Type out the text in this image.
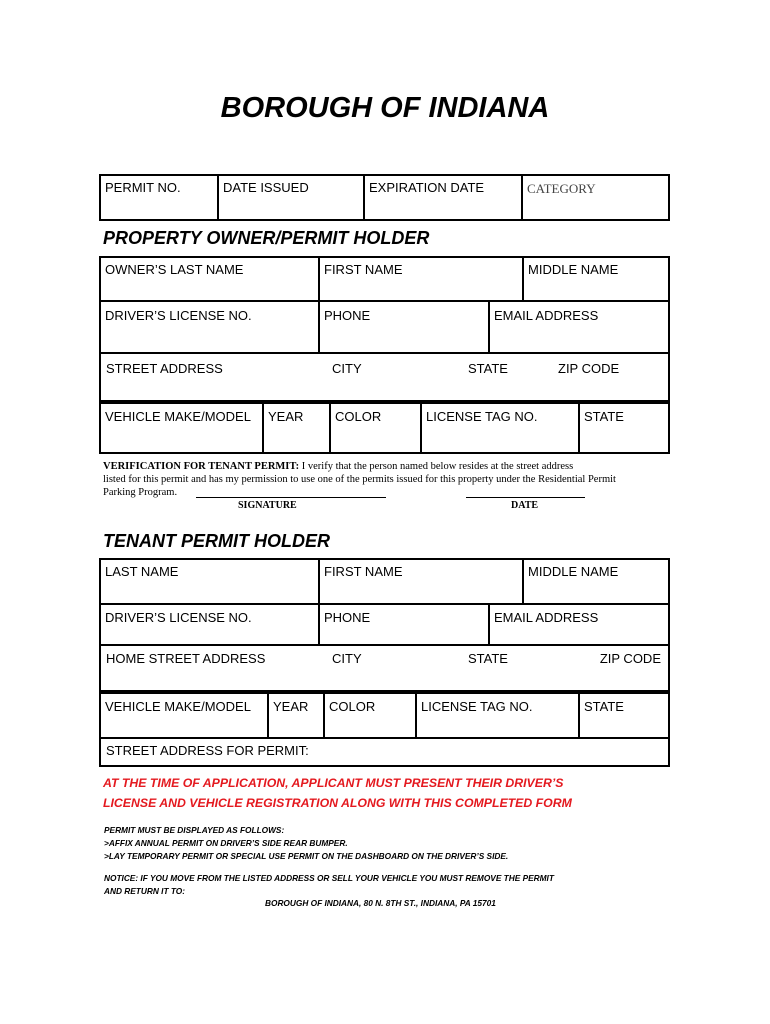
BOROUGH OF INDIANA
PERMIT NO.	DATE ISSUED	EXPIRATION DATE	CATEGORY
PROPERTY OWNER/PERMIT HOLDER
OWNER’S LAST NAME	FIRST NAME	MIDDLE NAME
DRIVER’S LICENSE NO.	PHONE	EMAIL ADDRESS
STREET ADDRESS	CITY	STATE	ZIP CODE
VEHICLE MAKE/MODEL	YEAR	COLOR	LICENSE TAG NO.	STATE
VERIFICATION FOR TENANT PERMIT: I verify that the person named below resides at the street address
listed for this permit and has my permission to use one of the permits issued for this property under the Residential Permit
Parking Program.
SIGNATURE	DATE
TENANT PERMIT HOLDER
LAST NAME	FIRST NAME	MIDDLE NAME
DRIVER’S LICENSE NO.	PHONE	EMAIL ADDRESS
HOME STREET ADDRESS	CITY	STATE	ZIP CODE
VEHICLE MAKE/MODEL	YEAR	COLOR	LICENSE TAG NO.	STATE
STREET ADDRESS FOR PERMIT:
AT THE TIME OF APPLICATION, APPLICANT MUST PRESENT THEIR DRIVER’S
LICENSE AND VEHICLE REGISTRATION ALONG WITH THIS COMPLETED FORM
PERMIT MUST BE DISPLAYED AS FOLLOWS:
>AFFIX ANNUAL PERMIT ON DRIVER’S SIDE REAR BUMPER.
>LAY TEMPORARY PERMIT OR SPECIAL USE PERMIT ON THE DASHBOARD ON THE DRIVER’S SIDE.
NOTICE: IF YOU MOVE FROM THE LISTED ADDRESS OR SELL YOUR VEHICLE YOU MUST REMOVE THE PERMIT
AND RETURN IT TO:
BOROUGH OF INDIANA, 80 N. 8TH ST., INDIANA, PA 15701
